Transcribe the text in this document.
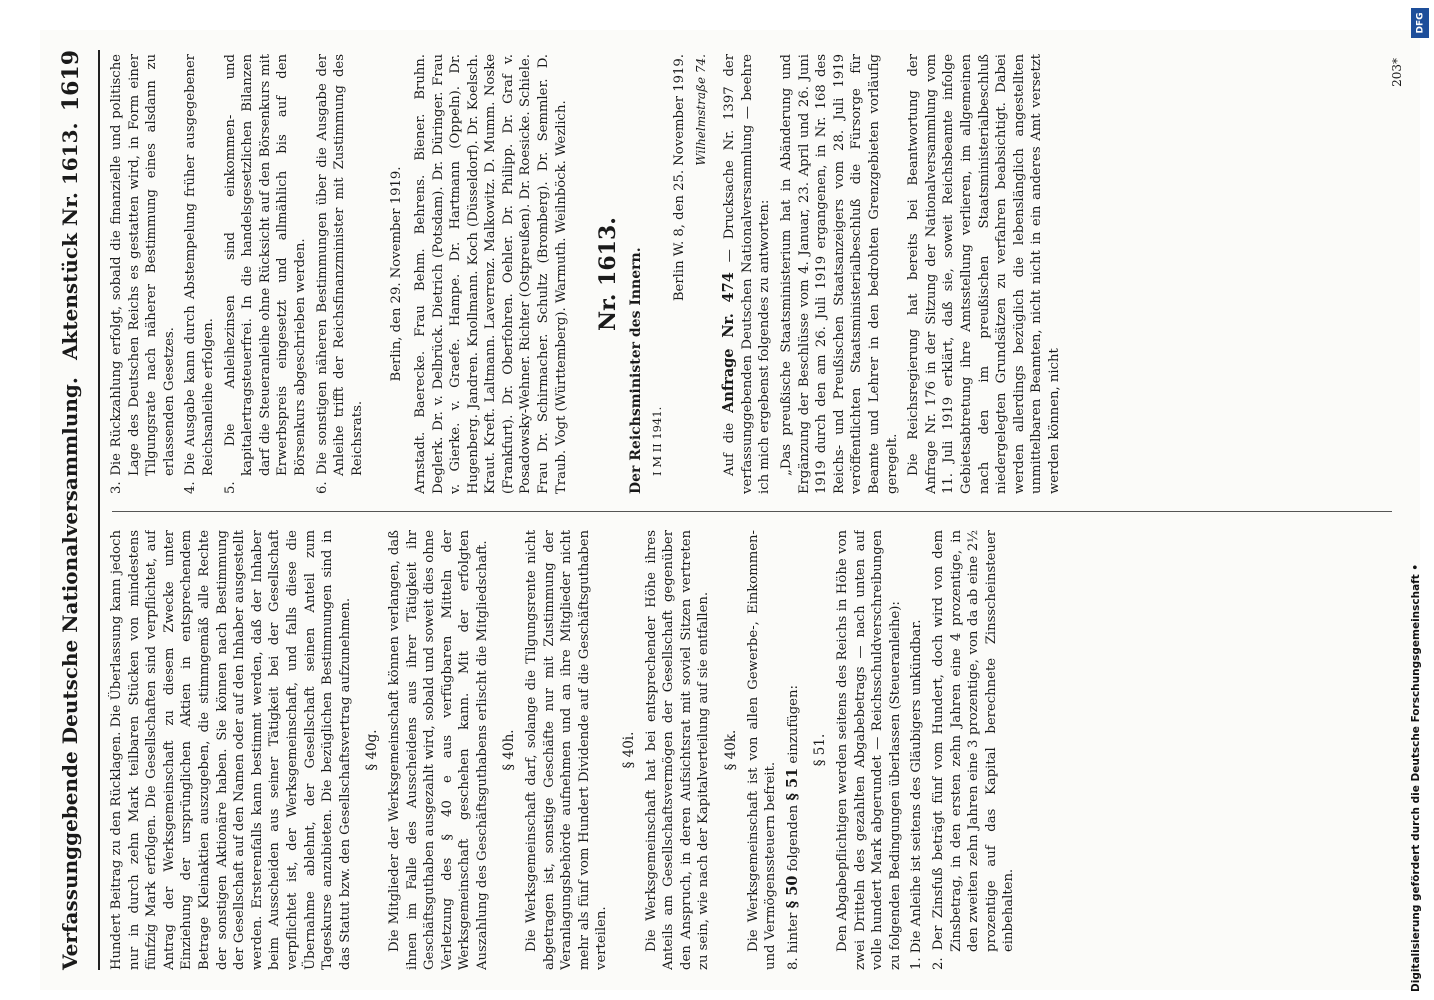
Verfassunggebende Deutsche Nationalversammlung.
Aktenstück Nr. 1613.
1619

Hundert Beitrag zu den Rücklagen. Die Überlassung kann jedoch nur in durch zehn Mark teilbaren Stücken von mindestens fünfzig Mark erfolgen. Die Gesellschaften sind verpflichtet, auf Antrag der Werksgemeinschaft zu diesem Zwecke unter Einziehung der ursprünglichen Aktien in entsprechendem Betrage Kleinaktien auszugeben, die stimmgemäß alle Rechte der sonstigen Aktionäre haben. Sie können nach Bestimmung der Gesellschaft auf den Namen oder auf den Inhaber ausgestellt werden. Ersterenfalls kann bestimmt werden, daß der Inhaber beim Ausscheiden aus seiner Tätigkeit bei der Gesellschaft verpflichtet ist, der Werksgemeinschaft, und falls diese die Übernahme ablehnt, der Gesellschaft seinen Anteil zum Tageskurse anzubieten. Die bezüglichen Bestimmungen sind in das Statut bzw. den Gesellschaftsvertrag aufzunehmen. § 40g. Die Mitglieder der Werksgemeinschaft können verlangen, daß ihnen im Falle des Ausscheidens aus ihrer Tätigkeit ihr Geschäftsguthaben ausgezahlt wird, sobald und soweit dies ohne Verletzung des § 40 e aus verfügbaren Mitteln der Werksgemeinschaft geschehen kann. Mit der erfolgten Auszahlung des Geschäftsguthabens erlischt die Mitgliedschaft. § 40h. Die Werksgemeinschaft darf, solange die Tilgungsrente nicht abgetragen ist, sonstige Geschäfte nur mit Zustimmung der Veranlagungsbehörde aufnehmen und an ihre Mitglieder nicht mehr als fünf vom Hundert Dividende auf die Geschäftsguthaben verteilen.

§ 40i. Die Werksgemeinschaft hat bei entsprechender Höhe ihres Anteils am Gesellschaftsvermögen der Gesellschaft gegenüber den Anspruch, in deren Aufsichtsrat mit soviel Sitzen vertreten zu sein, wie nach der Kapitalverteilung auf sie entfallen. § 40k. Die Werksgemeinschaft ist von allen Gewerbe-, Einkommen- und Vermögenssteuern befreit. 8. hinter § 50 folgenden § 51 einzufügen: § 51. Den Abgabepflichtigen werden seitens des Reichs in Höhe von zwei Dritteln des gezahlten Abgabebetrags — nach unten auf volle hundert Mark abgerundet — Reichsschuldverschreibungen zu folgenden Bedingungen überlassen (Steueranleihe): 1. Die Anleihe ist seitens des Gläubigers unkündbar.

2. Der Zinsfuß beträgt fünf vom Hundert, doch wird von dem Zinsbetrag, in den ersten zehn Jahren eine 4 prozentige, in den zweiten zehn Jahren eine 3 prozentige, von da ab eine 2½ prozentige auf das Kapital berechnete Zinsscheinsteuer einbehalten.

3. Die Rückzahlung erfolgt, sobald die finanzielle und politische Lage des Deutschen Reichs es gestatten wird, in Form einer Tilgungsrate nach näherer Bestimmung eines alsdann zu erlassenden Gesetzes.

4. Die Ausgabe kann durch Abstempelung früher ausgegebener Reichsanleihe erfolgen.

5. Die Anleihezinsen sind einkommen- und kapitalertragsteuerfrei. In die handelsgesetzlichen Bilanzen darf die Steueranleihe ohne Rücksicht auf den Börsenkurs mit Erwerbspreis eingesetzt und allmählich bis auf den Börsenkurs abgeschrieben werden.

6. Die sonstigen näheren Bestimmungen über die Ausgabe der Anleihe trifft der Reichsfinanzminister mit Zustimmung des Reichsrats.

Berlin, den 29. November 1919. Arnstadt. Baerecke. Frau Behm. Behrens. Biener. Bruhn. Deglerk. Dr. v. Delbrück. Dietrich (Potsdam). Dr. Düringer. Frau v. Gierke. v. Graefe. Hampe. Dr. Hartmann (Oppeln). Dr. Hugenberg. Jandren. Knollmann. Koch (Düsseldorf). Dr. Koelsch. Kraut. Kreft. Laltmann. Laverrenz. Malkowitz. D. Mumm. Noske (Frankfurt). Dr. Oberfohren. Oehler. Dr. Philipp. Dr. Graf v. Posadowsky-Wehner. Richter (Ostpreußen). Dr. Roesicke. Schiele. Frau Dr. Schirmacher. Schultz (Bromberg). Dr. Semmler. D. Traub. Vogt (Württemberg). Warmuth. Weilnböck. Wezlich. Nr. 1613. Der Reichsminister des Innern. I M II 1941.

Berlin W. 8, den 25. November 1919. Wilhelmstraße 74.

Auf die Anfrage Nr. 474 — Drucksache Nr. 1397 der verfassunggebenden Deutschen Nationalversammlung — beehre ich mich ergebenst folgendes zu antworten: „Das preußische Staatsministerium hat in Abänderung und Ergänzung der Beschlüsse vom 4. Januar, 23. April und 26. Juni 1919 durch den am 26. Juli 1919 ergangenen, in Nr. 168 des Reichs- und Preußischen Staatsanzeigers vom 28. Juli 1919 veröffentlichten Staatsministerialbeschluß die Fürsorge für Beamte und Lehrer in den bedrohten Grenzgebieten vorläufig geregelt. Die Reichsregierung hat bereits bei Beantwortung der Anfrage Nr. 176 in der Sitzung der Nationalversammlung vom 11. Juli 1919 erklärt, daß sie, soweit Reichsbeamte infolge Gebietsabtretung ihre Amtsstellung verlieren, im allgemeinen nach den im preußischen Staatsministerialbeschluß niedergelegten Grundsätzen zu verfahren beabsichtigt. Dabei werden allerdings bezüglich die lebenslänglich angestellten unmittelbaren Beamten, nicht nicht in ein anderes Amt versetzt werden können, nicht

203*
DFG
Digitalisierung gefördert durch die Deutsche Forschungsgemeinschaft •
